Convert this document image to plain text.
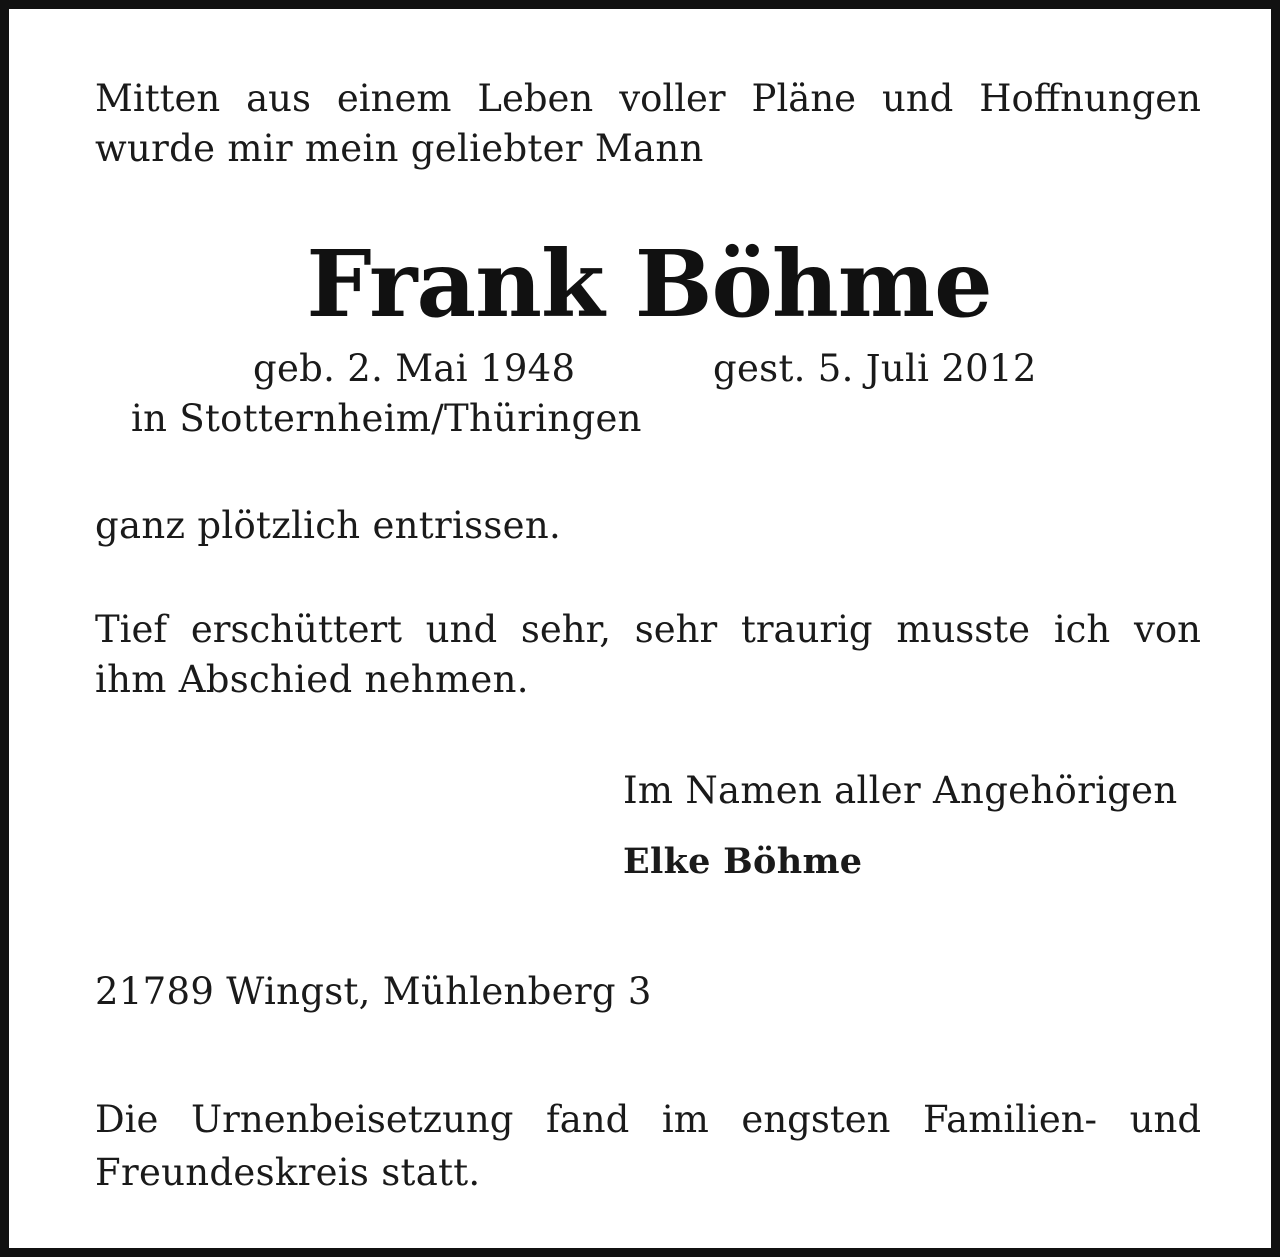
Mitten aus einem Leben voller Pläne und Hoffnungen
wurde mir mein geliebter Mann
Frank Böhme
geb. 2. Mai 1948	gest. 5. Juli 2012
in Stotternheim/Thüringen
ganz plötzlich entrissen.
Tief erschüttert und sehr, sehr traurig musste ich von
ihm Abschied nehmen.
Im Namen aller Angehörigen
Elke Böhme
21789 Wingst, Mühlenberg 3
Die Urnenbeisetzung fand im engsten Familien- und
Freundeskreis statt.
